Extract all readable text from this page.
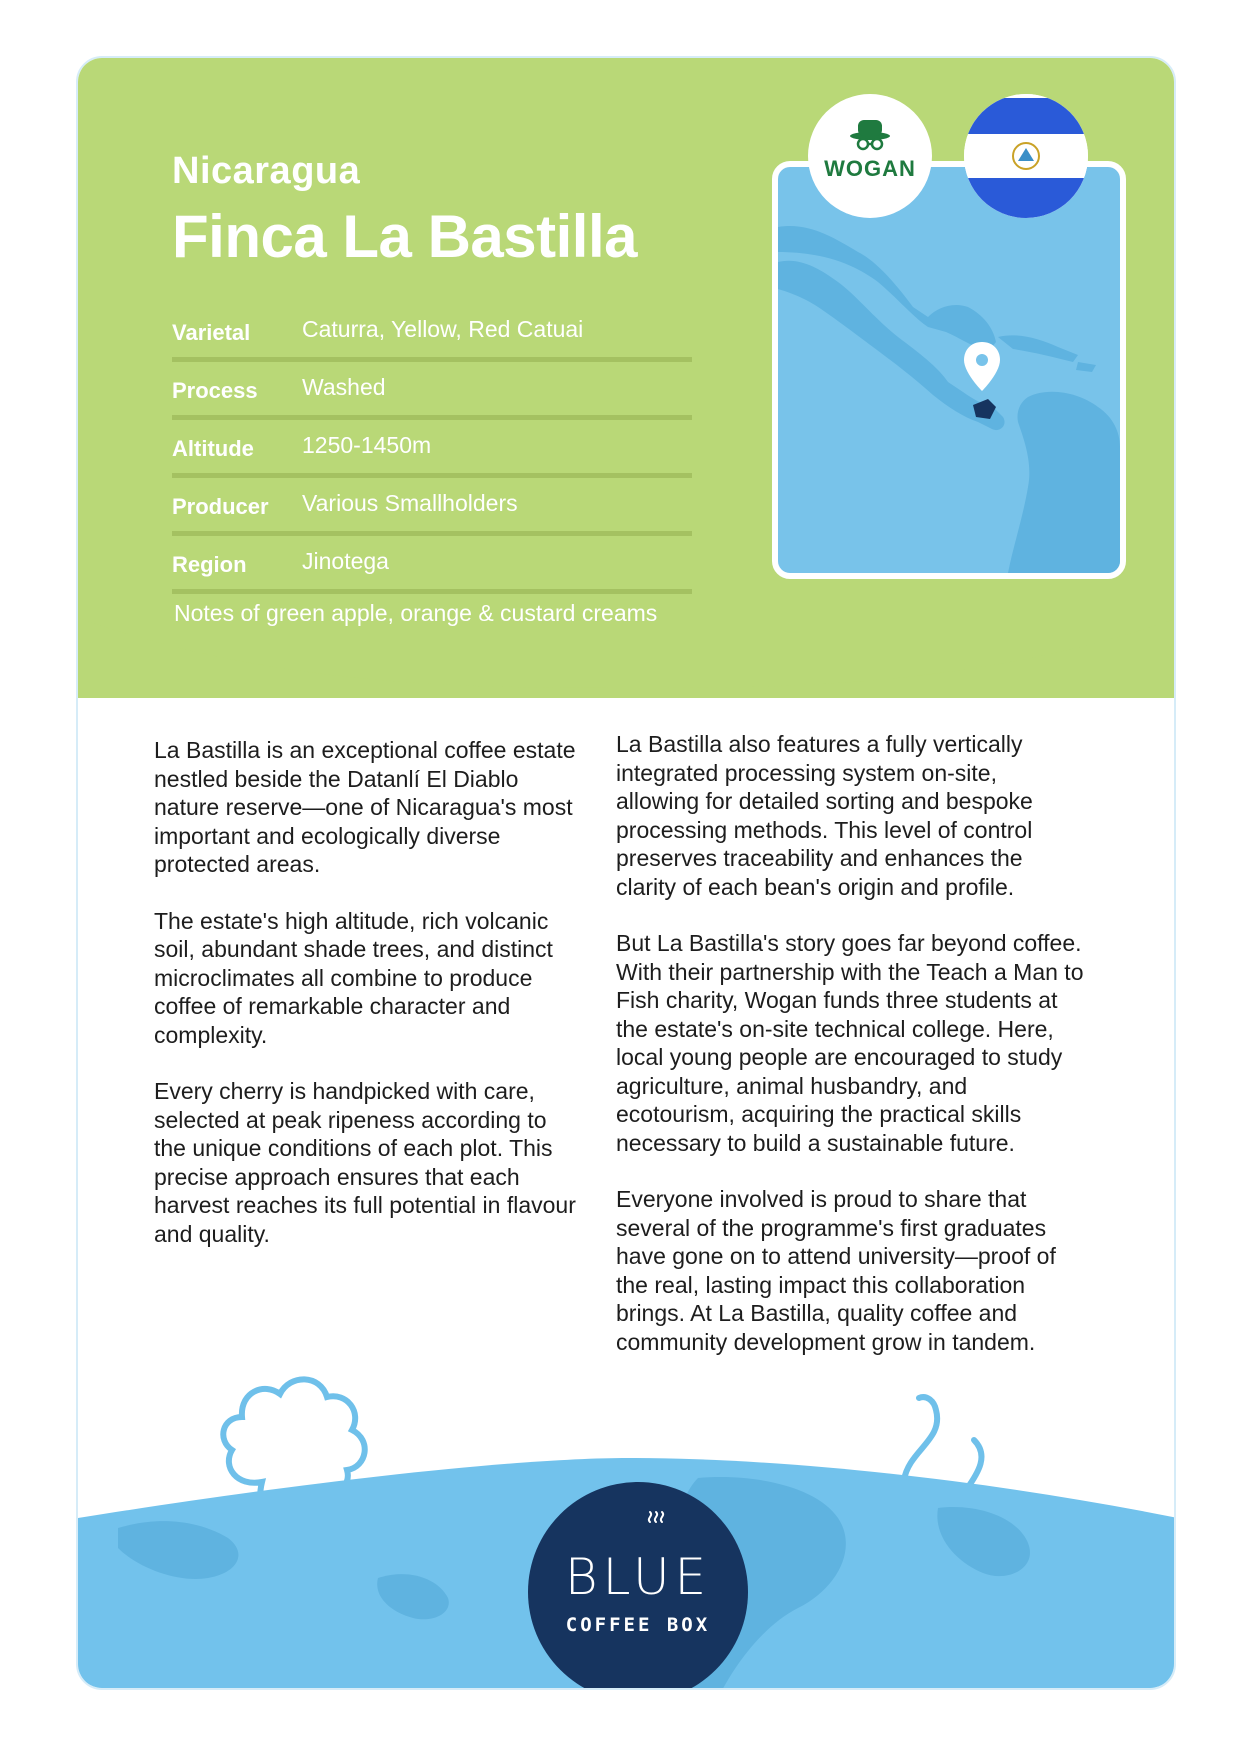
Nicaragua
Finca La Bastilla
Varietal Caturra, Yellow, Red Catuai
Process Washed
Altitude 1250-1450m
Producer Various Smallholders
Region Jinotega
Notes of green apple, orange & custard creams
WOGAN

La Bastilla is an exceptional coffee estate nestled beside the Datanlí El Diablo nature reserve—one of Nicaragua's most important and ecologically diverse protected areas.

The estate's high altitude, rich volcanic soil, abundant shade trees, and distinct microclimates all combine to produce coffee of remarkable character and complexity.

Every cherry is handpicked with care, selected at peak ripeness according to the unique conditions of each plot. This precise approach ensures that each harvest reaches its full potential in flavour and quality.

La Bastilla also features a fully vertically integrated processing system on-site, allowing for detailed sorting and bespoke processing methods. This level of control preserves traceability and enhances the clarity of each bean's origin and profile.

But La Bastilla's story goes far beyond coffee. With their partnership with the Teach a Man to Fish charity, Wogan funds three students at the estate's on-site technical college. Here, local young people are encouraged to study agriculture, animal husbandry, and ecotourism, acquiring the practical skills necessary to build a sustainable future.

Everyone involved is proud to share that several of the programme's first graduates have gone on to attend university—proof of the real, lasting impact this collaboration brings. At La Bastilla, quality coffee and community development grow in tandem.

BLUE
COFFEE BOX
